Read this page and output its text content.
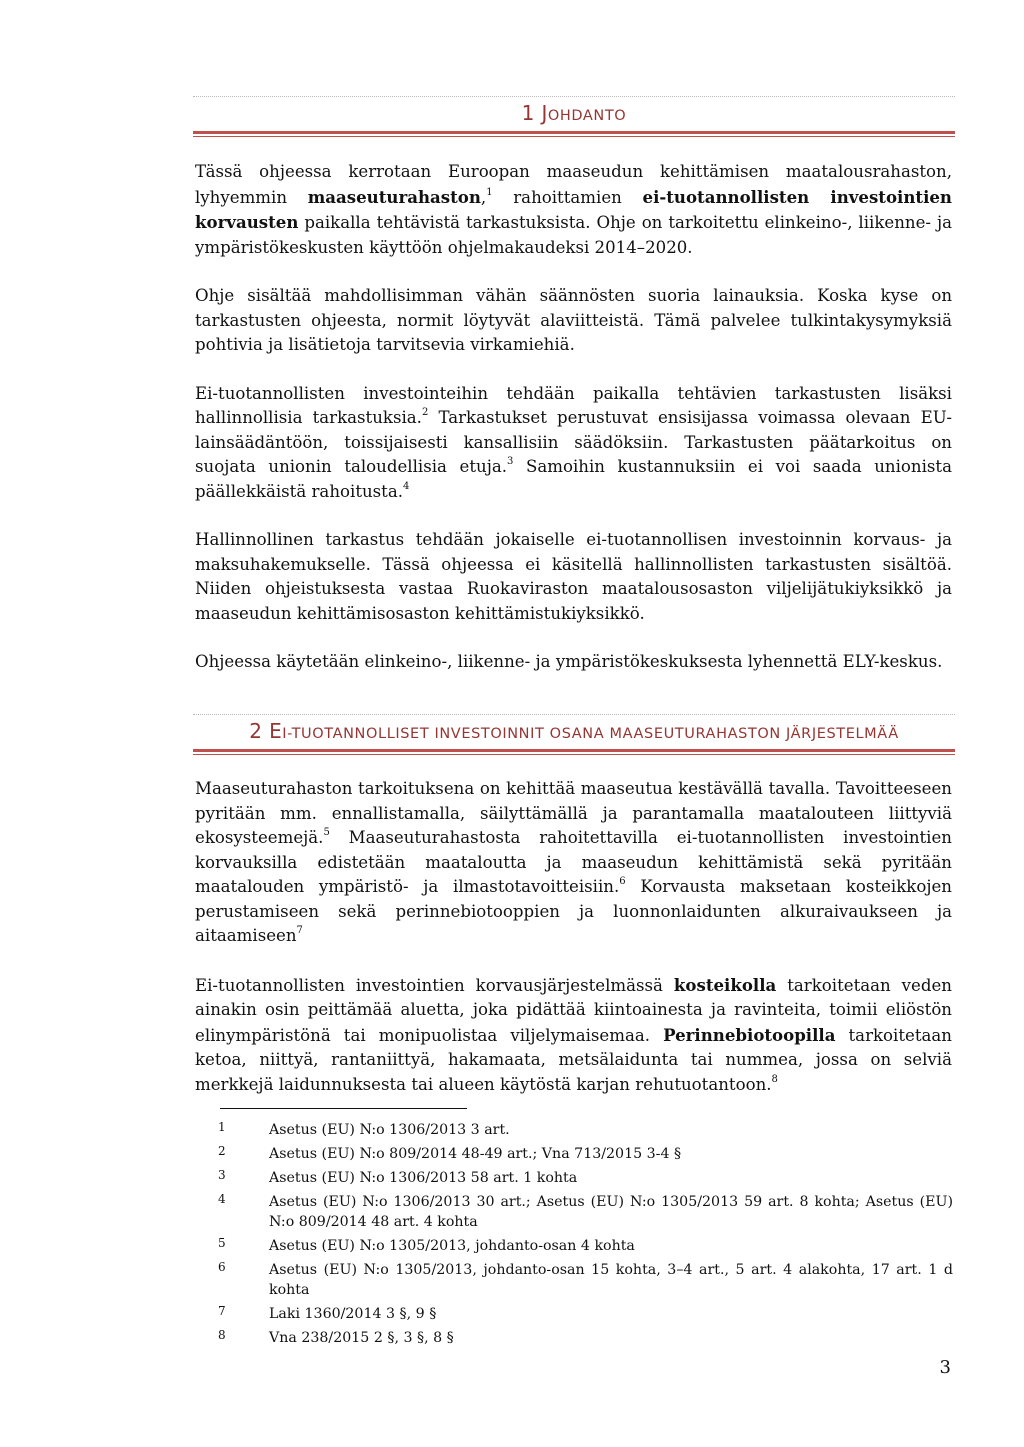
1 JOHDANTO

Tässä ohjeessa kerrotaan Euroopan maaseudun kehittämisen maatalousrahaston, lyhyemmin maaseuturahaston,$^1$ rahoittamien ei-tuotannollisten investointien korvausten paikalla tehtävistä tarkastuksista. Ohje on tarkoitettu elinkeino-, liikenne- ja ympäristökeskusten käyttöön ohjelmakaudeksi 2014–2020.

Ohje sisältää mahdollisimman vähän säännösten suoria lainauksia. Koska kyse on tarkastusten ohjeesta, normit löytyvät alaviitteistä. Tämä palvelee tulkintakysymyksiä pohtivia ja lisätietoja tarvitsevia virkamiehiä.

Ei-tuotannollisten investointeihin tehdään paikalla tehtävien tarkastusten lisäksi hallinnollisia tarkastuksia.$^2$ Tarkastukset perustuvat ensisijassa voimassa olevaan EU-lainsäädäntöön, toissijaisesti kansallisiin säädöksiin. Tarkastusten päätarkoitus on suojata unionin taloudellisia etuja.$^3$ Samoihin kustannuksiin ei voi saada unionista päällekkäistä rahoitusta.$^4$

Hallinnollinen tarkastus tehdään jokaiselle ei-tuotannollisen investoinnin korvaus- ja maksuhakemukselle. Tässä ohjeessa ei käsitellä hallinnollisten tarkastusten sisältöä. Niiden ohjeistuksesta vastaa Ruokaviraston maatalousosaston viljelijätukiyksikkö ja maaseudun kehittämisosaston kehittämistukiyksikkö.

Ohjeessa käytetään elinkeino-, liikenne- ja ympäristökeskuksesta lyhennettä ELY-keskus.

2 EI-TUOTANNOLLISET INVESTOINNIT OSANA MAASEUTURAHASTON JÄRJESTELMÄÄ

Maaseuturahaston tarkoituksena on kehittää maaseutua kestävällä tavalla. Tavoitteeseen pyritään mm. ennallistamalla, säilyttämällä ja parantamalla maatalouteen liittyviä ekosysteemejä.$^5$ Maaseuturahastosta rahoitettavilla ei-tuotannollisten investointien korvauksilla edistetään maataloutta ja maaseudun kehittämistä sekä pyritään maatalouden ympäristö- ja ilmastotavoitteisiin.$^6$ Korvausta maksetaan kosteikkojen perustamiseen sekä perinnebiotooppien ja luonnonlaidunten alkuraivaukseen ja aitaamiseen$^7$

Ei-tuotannollisten investointien korvausjärjestelmässä kosteikolla tarkoitetaan veden ainakin osin peittämää aluetta, joka pidättää kiintoainesta ja ravinteita, toimii eliöstön elinympäristönä tai monipuolistaa viljelymaisemaa. Perinnebiotoopilla tarkoitetaan ketoa, niittyä, rantaniittyä, hakamaata, metsälaidunta tai nummea, jossa on selviä merkkejä laidunnuksesta tai alueen käytöstä karjan rehutuotantoon.$^8$

1	Asetus (EU) N:o 1306/2013 3 art.
2	Asetus (EU) N:o 809/2014 48-49 art.; Vna 713/2015 3-4 §
3	Asetus (EU) N:o 1306/2013 58 art. 1 kohta
4	Asetus (EU) N:o 1306/2013 30 art.; Asetus (EU) N:o 1305/2013 59 art. 8 kohta; Asetus (EU) N:o 809/2014 48 art. 4 kohta
5	Asetus (EU) N:o 1305/2013, johdanto-osan 4 kohta
6	Asetus (EU) N:o 1305/2013, johdanto-osan 15 kohta, 3–4 art., 5 art. 4 alakohta, 17 art. 1 d kohta
7	Laki 1360/2014 3 §, 9 §
8	Vna 238/2015 2 §, 3 §, 8 §
3
